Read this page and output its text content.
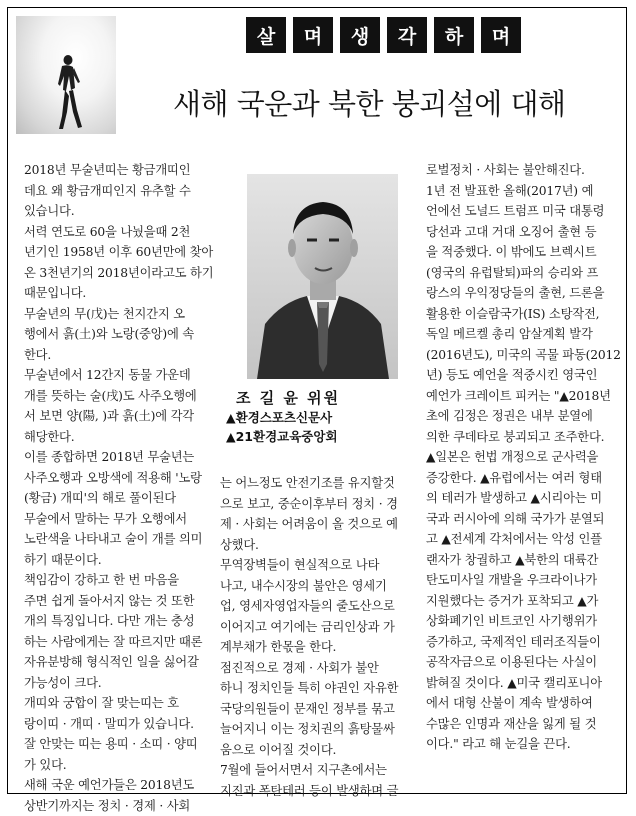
살	며	생	각	하	며
새해 국운과 북한 붕괴설에 대해
조 길 윤 위원
▲환경스포츠신문사
▲21환경교육중앙회
2018년 무술년띠는 황금개띠인
데요 왜 황금개띠인지 유추할 수
있습니다.
서력 연도로 60을 나눴을때 2천
년기인 1958년 이후 60년만에 찾아
온 3천년기의 2018년이라고도 하기
때문입니다.
무술년의 무(戊)는 천지간지 오
행에서 흙(土)와 노랑(중앙)에 속
한다.
무술년에서 12간지 동물 가운데
개를 뜻하는 술(戌)도 사주오행에
서 보면 양(陽, )과 흙(土)에 각각
해당한다.
이를 종합하면 2018년 무술년는
사주오행과 오방색에 적용해 '노랑
(황금) 개띠'의 해로 풀이된다
무술에서 말하는 무가 오행에서
노란색을 나타내고 술이 개를 의미
하기 때문이다.
책임감이 강하고 한 번 마음을
주면 쉽게 돌아서지 않는 것 또한
개의 특징입니다. 다만 개는 충성
하는 사람에게는 잘 따르지만 때론
자유분방해 형식적인 일을 싫어갈
가능성이 크다.
개띠와 궁합이 잘 맞는띠는 호
랑이띠 · 개띠 · 말띠가 있습니다.
잘 안맞는 띠는 용띠 · 소띠 · 양띠
가 있다.
새해 국운 예언가들은 2018년도
상반기까지는 정치 · 경제 · 사회
는 어느정도 안전기조를 유지할것
으로 보고, 중순이후부터 정치 · 경
제 · 사회는 어려움이 올 것으로 예
상했다.
무역장벽들이 현실적으로 나타
나고, 내수시장의 불안은 영세기
업, 영세자영업자들의 줄도산으로
이어지고 여기에는 금리인상과 가
계부채가 한몫을 한다.
점진적으로 경제 · 사회가 불안
하니 정치인들 특히 야권인 자유한
국당의원들이 문재인 정부를 묶고
늘어지니 이는 정치권의 흙탕물싸
움으로 이어질 것이다.
7월에 들어서면서 지구촌에서는
지진과 폭탄테러 등이 발생하며 글
로벌정치 · 사회는 불안해진다.
1년 전 발표한 올해(2017년) 예
언에선 도널드 트럼프 미국 대통령
당선과 고대 거대 오징어 출현 등
을 적중했다. 이 밖에도 브렉시트
(영국의 유럽탈퇴)파의 승리와 프
랑스의 우익정당들의 출현, 드론을
활용한 이슬람국가(IS) 소탕작전,
독일 메르켈 총리 암살계획 발각
(2016년도), 미국의 곡물 파동(2012
년) 등도 예언을 적중시킨 영국인
예언가 크레이트 피커는 "▲2018년
초에 김정은 정권은 내부 분열에
의한 쿠데타로 붕괴되고 조주한다.
▲일본은 헌법 개정으로 군사력을
증강한다. ▲유럽에서는 여러 형태
의 테러가 발생하고 ▲시리아는 미
국과 러시아에 의해 국가가 분열되
고 ▲전세계 각처에서는 악성 인플
랜자가 창궐하고 ▲북한의 대륙간
탄도미사일 개발을 우크라이나가
지원했다는 증거가 포착되고 ▲가
상화폐기인 비트코인 사기행위가
증가하고, 국제적인 테러조직들이
공작자금으로 이용된다는 사실이
밝혀질 것이다. ▲미국 캘리포니아
에서 대형 산불이 계속 발생하여
수많은 인명과 재산을 잃게 될 것
이다." 라고 해 눈길을 끈다.
